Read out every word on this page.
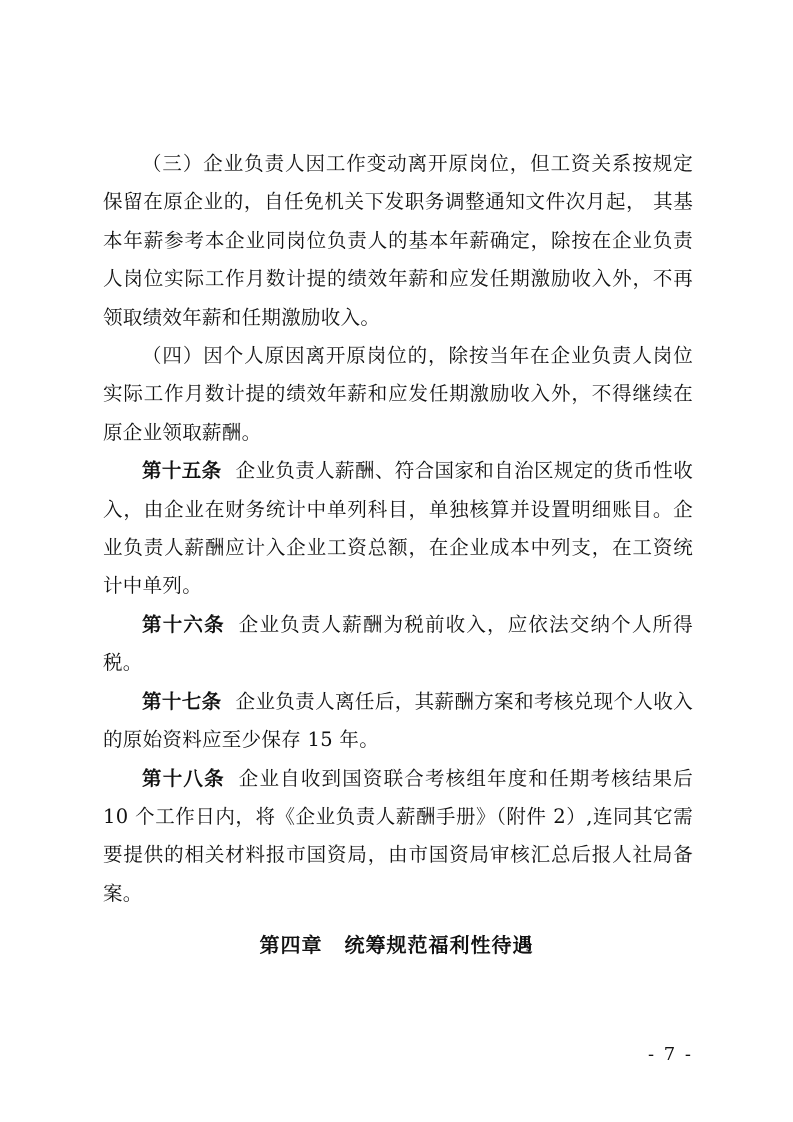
（三）企业负责人因工作变动离开原岗位，但工资关系按规定保留在原企业的，自任免机关下发职务调整通知文件次月起， 其基本年薪参考本企业同岗位负责人的基本年薪确定，除按在企业负责人岗位实际工作月数计提的绩效年薪和应发任期激励收入外，不再领取绩效年薪和任期激励收入。

（四）因个人原因离开原岗位的，除按当年在企业负责人岗位实际工作月数计提的绩效年薪和应发任期激励收入外，不得继续在原企业领取薪酬。

第十五条 企业负责人薪酬、符合国家和自治区规定的货币性收入，由企业在财务统计中单列科目，单独核算并设置明细账目。企业负责人薪酬应计入企业工资总额，在企业成本中列支，在工资统计中单列。

第十六条 企业负责人薪酬为税前收入，应依法交纳个人所得税。

第十七条 企业负责人离任后，其薪酬方案和考核兑现个人收入的原始资料应至少保存 15 年。

第十八条 企业自收到国资联合考核组年度和任期考核结果后 10 个工作日内，将《企业负责人薪酬手册》（附件 2）,连同其它需要提供的相关材料报市国资局，由市国资局审核汇总后报人社局备案。

第四章 统筹规范福利性待遇
- 7 -
